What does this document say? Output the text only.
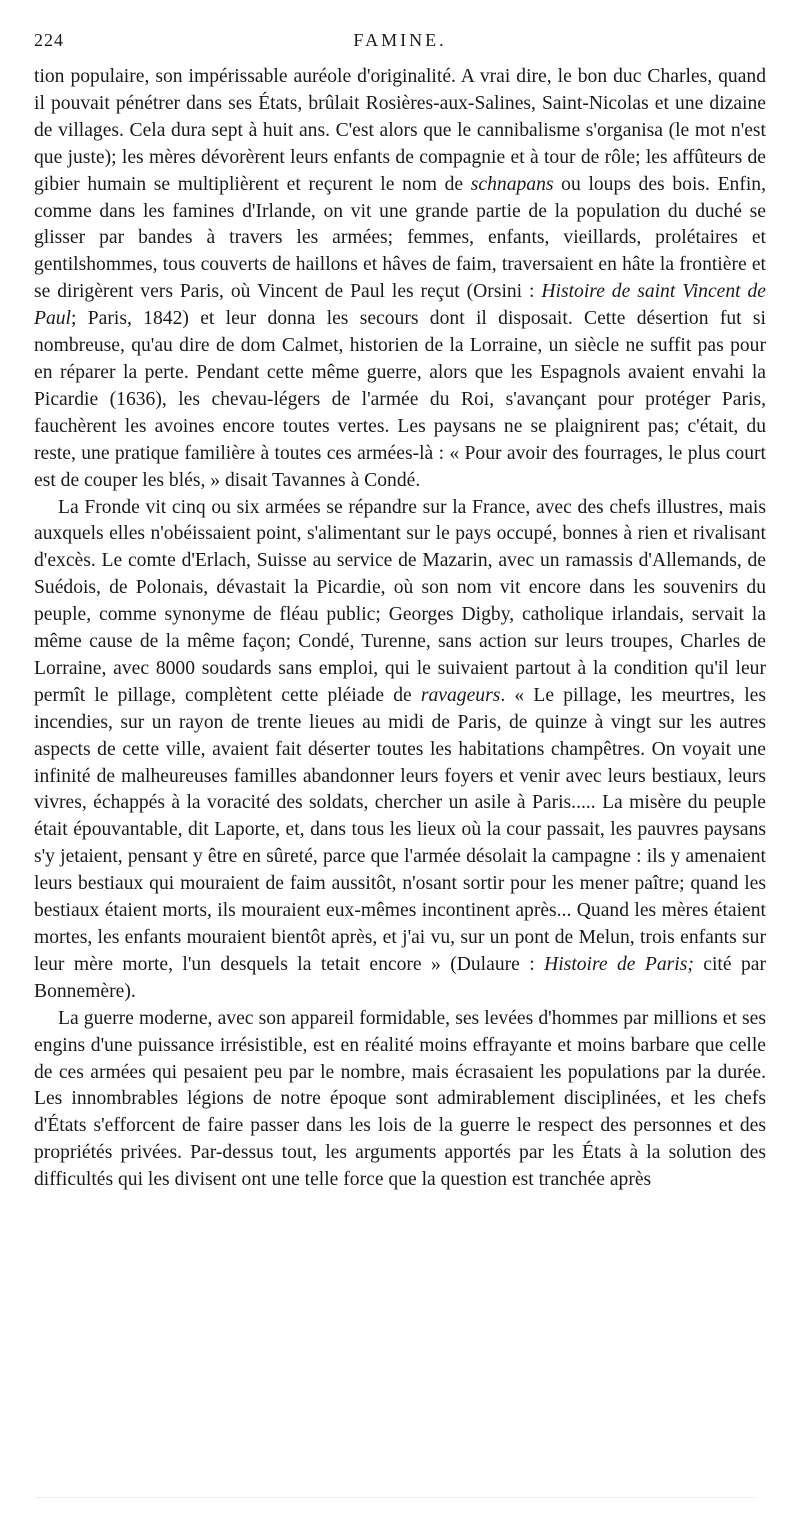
224	FAMINE.

tion populaire, son impérissable auréole d'originalité. A vrai dire, le bon duc Charles, quand il pouvait pénétrer dans ses États, brûlait Rosières-aux-Salines, Saint-Nicolas et une dizaine de villages. Cela dura sept à huit ans. C'est alors que le cannibalisme s'organisa (le mot n'est que juste); les mères dévorèrent leurs enfants de compagnie et à tour de rôle; les affûteurs de gibier humain se multiplièrent et reçurent le nom de schnapans ou loups des bois. Enfin, comme dans les famines d'Irlande, on vit une grande partie de la population du duché se glisser par bandes à travers les armées; femmes, enfants, vieillards, prolétaires et gentilshommes, tous couverts de haillons et hâves de faim, traversaient en hâte la frontière et se dirigèrent vers Paris, où Vincent de Paul les reçut (Orsini : Histoire de saint Vincent de Paul; Paris, 1842) et leur donna les secours dont il disposait. Cette désertion fut si nombreuse, qu'au dire de dom Calmet, historien de la Lorraine, un siècle ne suffit pas pour en réparer la perte. Pendant cette même guerre, alors que les Espagnols avaient envahi la Picardie (1636), les chevau-légers de l'armée du Roi, s'avançant pour protéger Paris, fauchèrent les avoines encore toutes vertes. Les paysans ne se plaignirent pas; c'était, du reste, une pratique familière à toutes ces armées-là : « Pour avoir des fourrages, le plus court est de couper les blés, » disait Tavannes à Condé.

La Fronde vit cinq ou six armées se répandre sur la France, avec des chefs illustres, mais auxquels elles n'obéissaient point, s'alimentant sur le pays occupé, bonnes à rien et rivalisant d'excès. Le comte d'Erlach, Suisse au service de Mazarin, avec un ramassis d'Allemands, de Suédois, de Polonais, dévastait la Picardie, où son nom vit encore dans les souvenirs du peuple, comme synonyme de fléau public; Georges Digby, catholique irlandais, servait la même cause de la même façon; Condé, Turenne, sans action sur leurs troupes, Charles de Lorraine, avec 8000 soudards sans emploi, qui le suivaient partout à la condition qu'il leur permît le pillage, complètent cette pléiade de ravageurs. « Le pillage, les meurtres, les incendies, sur un rayon de trente lieues au midi de Paris, de quinze à vingt sur les autres aspects de cette ville, avaient fait déserter toutes les habitations champêtres. On voyait une infinité de malheureuses familles abandonner leurs foyers et venir avec leurs bestiaux, leurs vivres, échappés à la voracité des soldats, chercher un asile à Paris..... La misère du peuple était épouvantable, dit Laporte, et, dans tous les lieux où la cour passait, les pauvres paysans s'y jetaient, pensant y être en sûreté, parce que l'armée désolait la campagne : ils y amenaient leurs bestiaux qui mouraient de faim aussitôt, n'osant sortir pour les mener paître; quand les bestiaux étaient morts, ils mouraient eux-mêmes incontinent après... Quand les mères étaient mortes, les enfants mouraient bientôt après, et j'ai vu, sur un pont de Melun, trois enfants sur leur mère morte, l'un desquels la tetait encore » (Dulaure : Histoire de Paris; cité par Bonnemère).

La guerre moderne, avec son appareil formidable, ses levées d'hommes par millions et ses engins d'une puissance irrésistible, est en réalité moins effrayante et moins barbare que celle de ces armées qui pesaient peu par le nombre, mais écrasaient les populations par la durée. Les innombrables légions de notre époque sont admirablement disciplinées, et les chefs d'États s'efforcent de faire passer dans les lois de la guerre le respect des personnes et des propriétés privées. Par-dessus tout, les arguments apportés par les États à la solution des difficultés qui les divisent ont une telle force que la question est tranchée après
